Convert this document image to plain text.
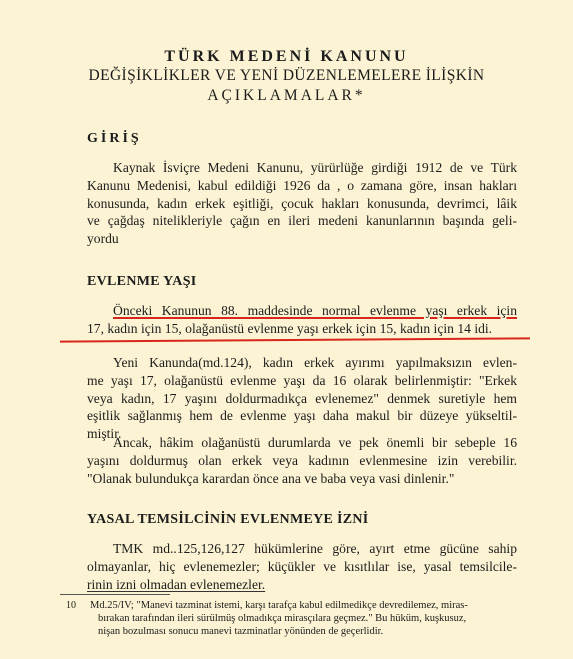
TÜRK MEDENİ KANUNU
DEĞİŞİKLİKLER VE YENİ DÜZENLEMELERE İLİŞKİN
AÇIKLAMALAR*
GİRİŞ
Kaynak İsviçre Medeni Kanunu, yürürlüğe girdiği 1912 de ve Türk
Kanunu Medenisi, kabul edildiği 1926 da , o zamana göre, insan hakları
konusunda, kadın erkek eşitliği, çocuk hakları konusunda, devrimci, lâik
ve çağdaş nitelikleriyle çağın en ileri medeni kanunlarının başında geli-
yordu
EVLENME YAŞI
Önceki Kanunun 88. maddesinde normal evlenme yaşı erkek için
17, kadın için 15, olağanüstü evlenme yaşı erkek için 15, kadın için 14 idi.
Yeni Kanunda(md.124), kadın erkek ayırımı yapılmaksızın evlen-
me yaşı 17, olağanüstü evlenme yaşı da 16 olarak belirlenmiştir: "Erkek
veya kadın, 17 yaşını doldurmadıkça evlenemez" denmek suretiyle hem
eşitlik sağlanmış hem de evlenme yaşı daha makul bir düzeye yükseltil-
miştir.
Ancak, hâkim olağanüstü durumlarda ve pek önemli bir sebeple 16
yaşını doldurmuş olan erkek veya kadının evlenmesine izin verebilir.
"Olanak bulundukça karardan önce ana ve baba veya vasi dinlenir."
YASAL TEMSİLCİNİN EVLENMEYE İZNİ
TMK md..125,126,127 hükümlerine göre, ayırt etme gücüne sahip
olmayanlar, hiç evlenemezler; küçükler ve kısıtlılar ise, yasal temsilcile-
rinin izni olmadan evlenemezler.
10 Md.25/IV; "Manevi tazminat istemi, karşı tarafça kabul edilmedikçe devredilemez, miras-
bırakan tarafından ileri sürülmüş olmadıkça mirasçılara geçmez." Bu hüküm, kuşkusuz,
nişan bozulması sonucu manevi tazminatlar yönünden de geçerlidir.
